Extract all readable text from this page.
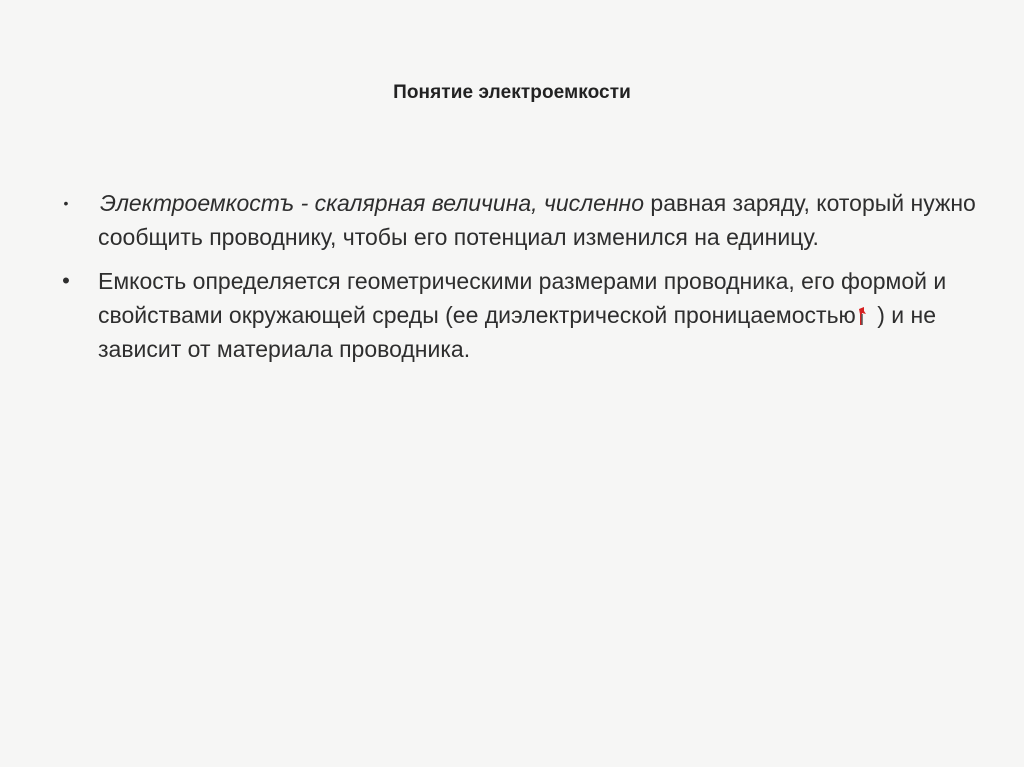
Понятие электроемкости
•	Электроемкостъ - скалярная величина, численно равная заряду, который нужно сообщить проводнику, чтобы его потенциал изменился на единицу.
• Емкость определяется геометрическими размерами проводника, его формой и свойствами окружающей среды (ее диэлектрической проницаемостью
) и не зависит от материала проводника.
